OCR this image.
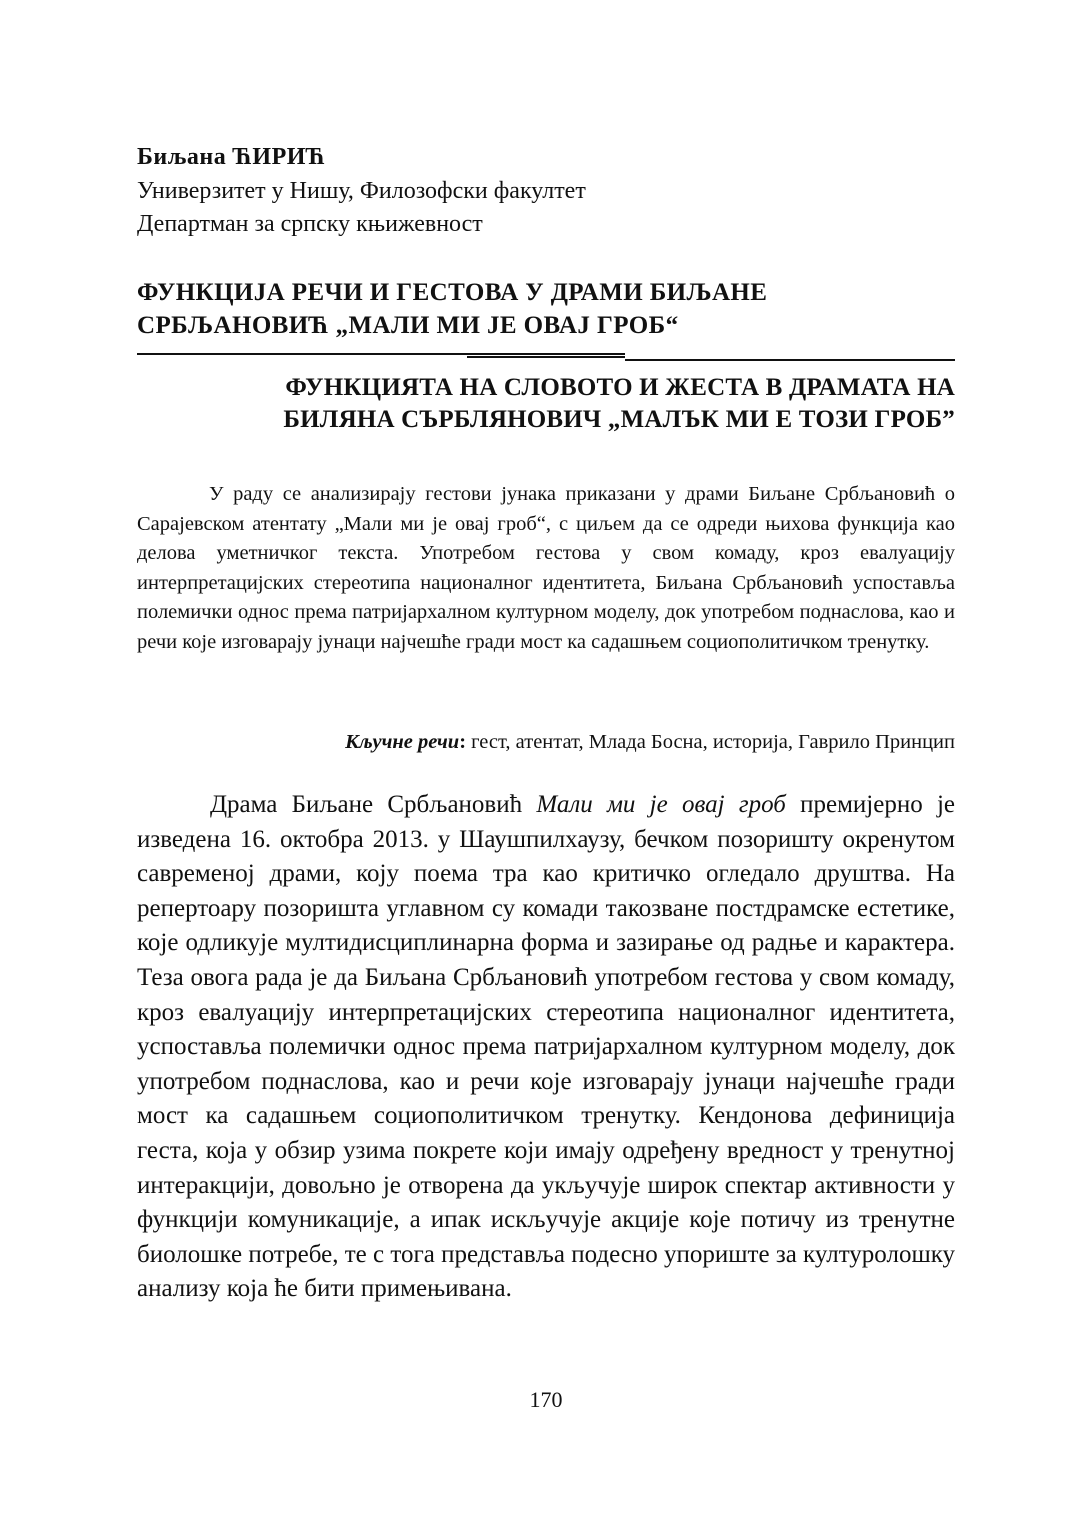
Биљана ЋИРИЋ
Универзитет у Нишу, Филозофски факултет
Департман за српску књижевност
ФУНКЦИЈА РЕЧИ И ГЕСТОВА У ДРАМИ БИЉАНЕ
СРБЉАНОВИЋ „МАЛИ МИ ЈЕ ОВАЈ ГРОБ“
ФУНКЦИЯТА НА СЛОВОТО И ЖЕСТА В ДРАМАТА НА
БИЛЯНА СЪРБЛЯНОВИЧ „МАЛЪК МИ Е ТОЗИ ГРОБ”

У раду се анализирају гестови јунака приказани у драми Биљане Србљановић о Сарајевском атентату „Мали ми је овај гроб“, с циљем да се одреди њихова функција као делова уметничког текста. Употребом гестова у свом комаду, кроз евалуацију интерпретацијских стереотипа националног идентитета, Биљана Србљановић успоставља полемички однос према патријархалном културном моделу, док употребом поднаслова, као и речи које изговарају јунаци најчешће гради мост ка садашњем социополитичком тренутку.

Кључне речи: гест, атентат, Млада Босна, историја, Гаврило Принцип

Драма Биљане Србљановић Мали ми је овај гроб премијерно је изведена 16. октобра 2013. у Шаушпилхаузу, бечком позоришту окренутом савременој драми, коју поема тра као критичко огледало друштва. На репертоару позоришта углавном су комади такозване постдрамске естетике, које одликује мултидисциплинарна форма и зазирање од радње и карактера. Теза овога рада је да Биљана Србљановић употребом гестова у свом комаду, кроз евалуацију интерпретацијских стереотипа националног идентитета, успоставља полемички однос према патријархалном културном моделу, док употребом поднаслова, као и речи које изговарају јунаци најчешће гради мост ка садашњем социополитичком тренутку. Кендонова дефиниција геста, која у обзир узима покрете који имају одређену вредност у тренутној интеракцији, довољно је отворена да укључује широк спектар активности у функцији комуникације, а ипак искључује акције које потичу из тренутне биолошке потребе, те с тога представља подесно упориште за културолошку анализу која ће бити примењивана.

170
